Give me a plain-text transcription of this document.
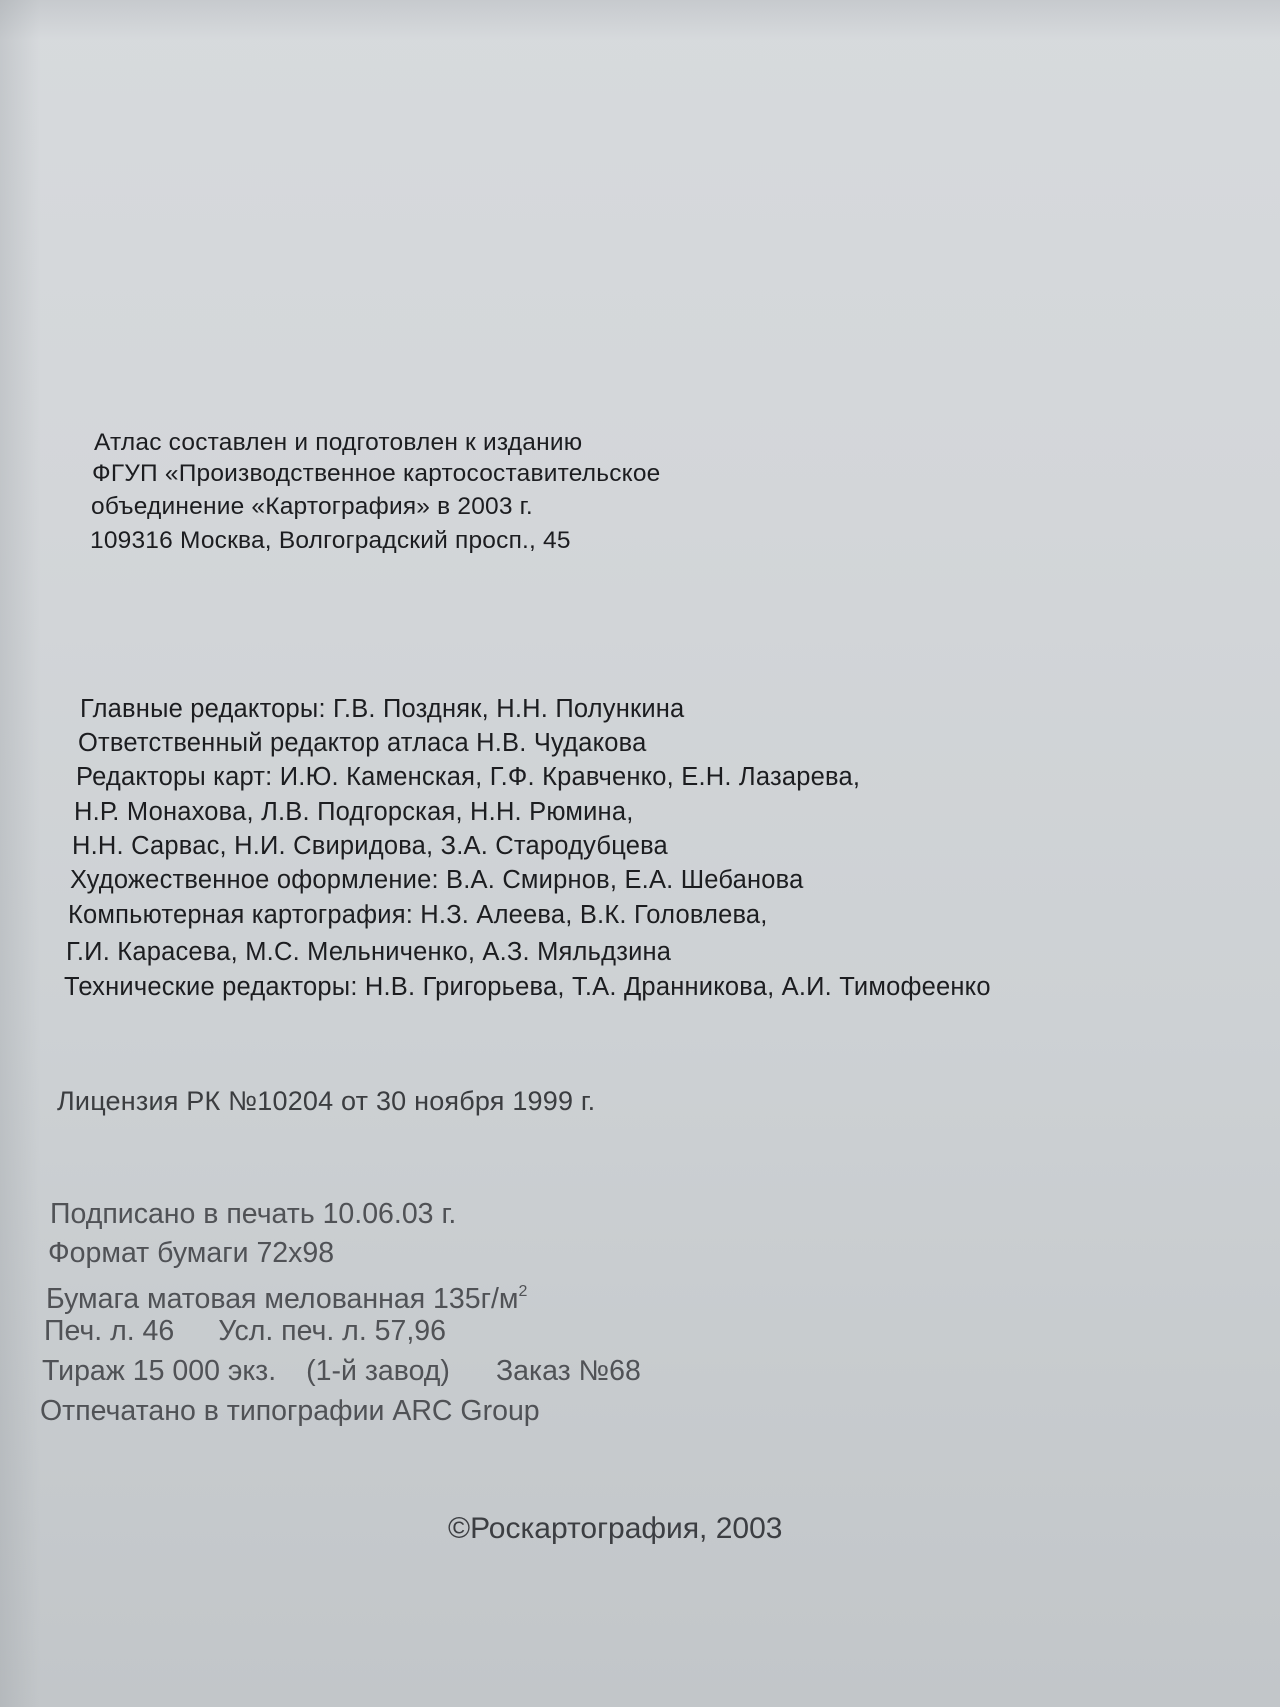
Атлас составлен и подготовлен к изданию
ФГУП «Производственное картосоставительское
объединение «Картография» в 2003 г.
109316 Москва, Волгоградский просп., 45
Главные редакторы: Г.В. Поздняк, Н.Н. Полункина
Ответственный редактор атласа Н.В. Чудакова
Редакторы карт: И.Ю. Каменская, Г.Ф. Кравченко, Е.Н. Лазарева,
Н.Р. Монахова, Л.В. Подгорская, Н.Н. Рюмина,
Н.Н. Сарвас, Н.И. Свиридова, З.А. Стародубцева
Художественное оформление: В.А. Смирнов, Е.А. Шебанова
Компьютерная картография: Н.З. Алеева, В.К. Головлева,
Г.И. Карасева, М.С. Мельниченко, А.З. Мяльдзина
Технические редакторы: Н.В. Григорьева, Т.А. Дранникова, А.И. Тимофеенко
Лицензия РК №10204 от 30 ноября 1999 г.
Подписано в печать 10.06.03 г.
Формат бумаги 72х98
Бумага матовая мелованная $135г/м^2$
Печ. л. 46 Усл. печ. л. 57,96
Тираж 15 000 экз. (1-й завод) Заказ №68
Отпечатано в типографии ARC Group
©Роскартография, 2003
